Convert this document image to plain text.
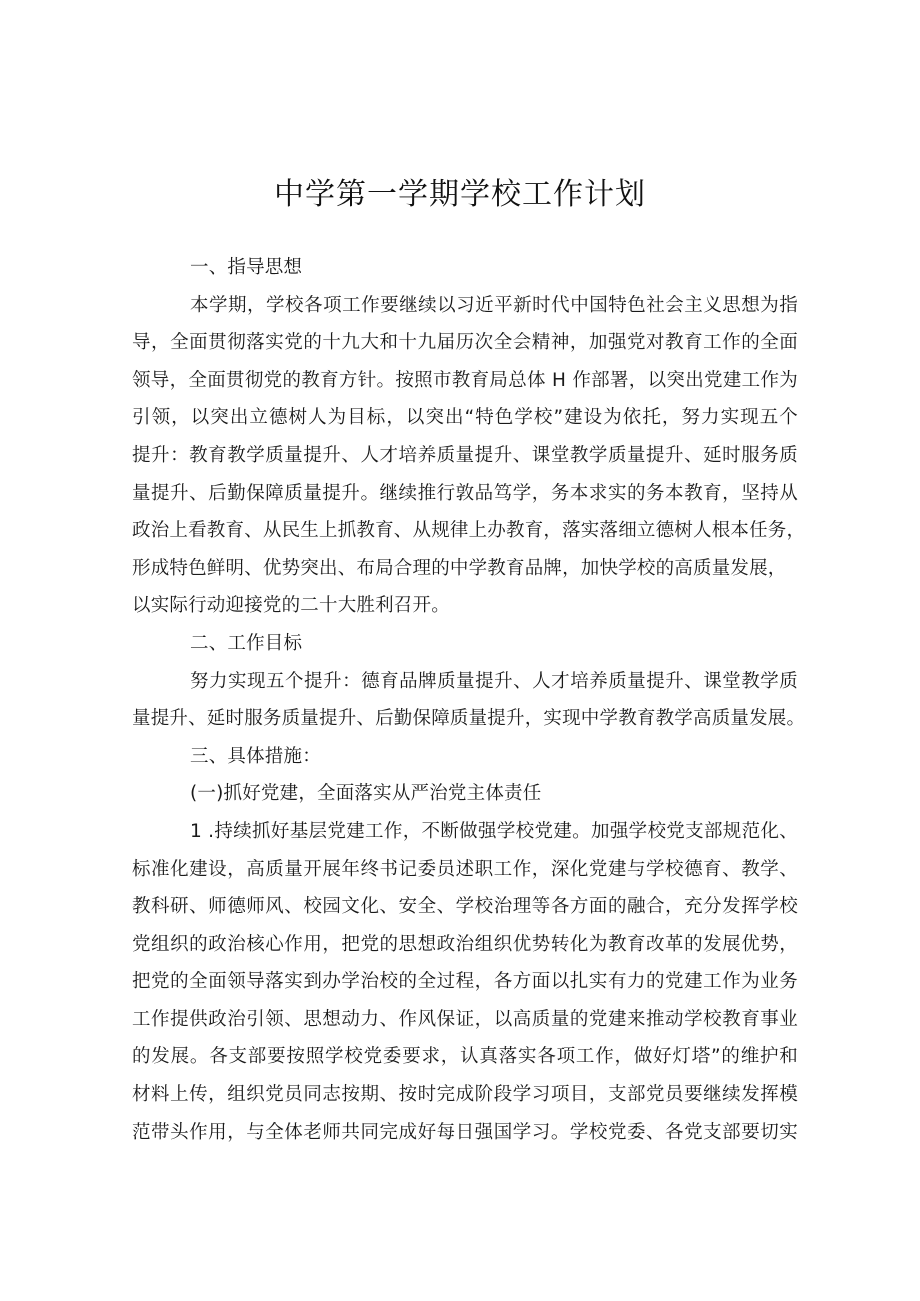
中学第一学期学校工作计划
一、指导思想
本学期，学校各项工作要继续以习近平新时代中国特色社会主义思想为指
导，全面贯彻落实党的十九大和十九届历次全会精神，加强党对教育工作的全面
领导，全面贯彻党的教育方针。按照市教育局总体 H 作部署，以突出党建工作为
引领，以突出立德树人为目标，以突出“特色学校”建设为依托，努力实现五个
提升：教育教学质量提升、人才培养质量提升、课堂教学质量提升、延时服务质
量提升、后勤保障质量提升。继续推行敦品笃学，务本求实的务本教育，坚持从
政治上看教育、从民生上抓教育、从规律上办教育，落实落细立德树人根本任务，
形成特色鲜明、优势突出、布局合理的中学教育品牌，加快学校的高质量发展，
以实际行动迎接党的二十大胜利召开。
二、工作目标
努力实现五个提升：德育品牌质量提升、人才培养质量提升、课堂教学质
量提升、延时服务质量提升、后勤保障质量提升，实现中学教育教学高质量发展。
三、具体措施：
(一)抓好党建，全面落实从严治党主体责任
1 .持续抓好基层党建工作，不断做强学校党建。加强学校党支部规范化、
标准化建设，高质量开展年终书记委员述职工作，深化党建与学校德育、教学、
教科研、师德师风、校园文化、安全、学校治理等各方面的融合，充分发挥学校
党组织的政治核心作用，把党的思想政治组织优势转化为教育改革的发展优势，
把党的全面领导落实到办学治校的全过程，各方面以扎实有力的党建工作为业务
工作提供政治引领、思想动力、作风保证，以高质量的党建来推动学校教育事业
的发展。各支部要按照学校党委要求，认真落实各项工作，做好灯塔”的维护和
材料上传，组织党员同志按期、按时完成阶段学习项目，支部党员要继续发挥模
范带头作用，与全体老师共同完成好每日强国学习。学校党委、各党支部要切实
